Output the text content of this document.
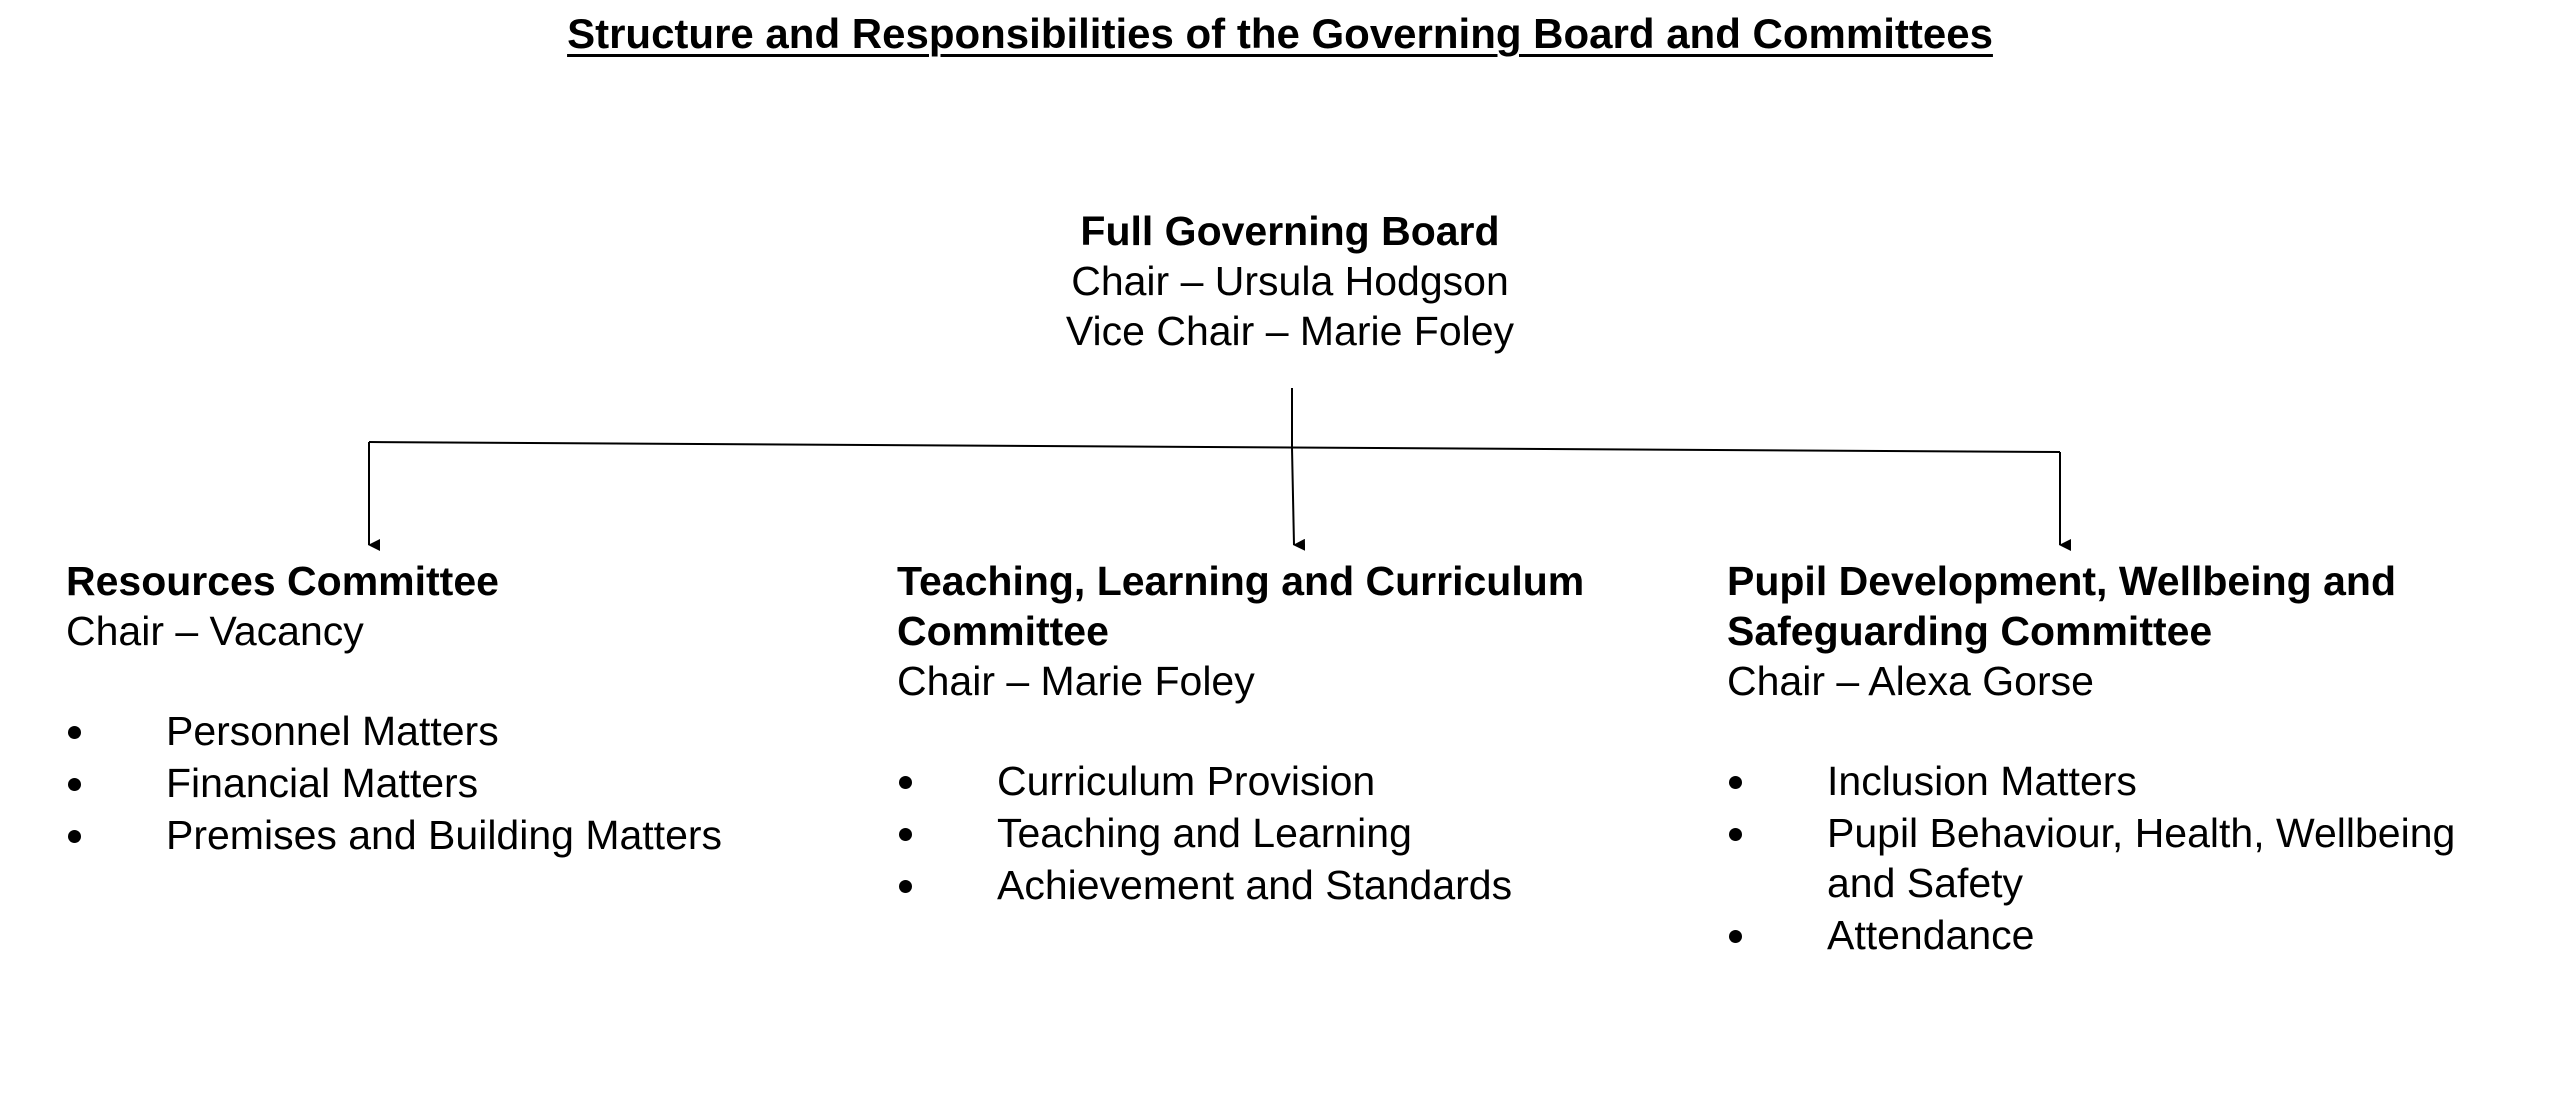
Structure and Responsibilities of the Governing Board and Committees
Full Governing Board
Chair – Ursula Hodgson
Vice Chair – Marie Foley
Resources Committee
Chair – Vacancy
Personnel Matters
Financial Matters
Premises and Building Matters
Teaching, Learning and Curriculum Committee
Chair – Marie Foley
Curriculum Provision
Teaching and Learning
Achievement and Standards
Pupil Development, Wellbeing and Safeguarding Committee
Chair – Alexa Gorse
Inclusion Matters
Pupil Behaviour, Health, Wellbeing and Safety
Attendance
